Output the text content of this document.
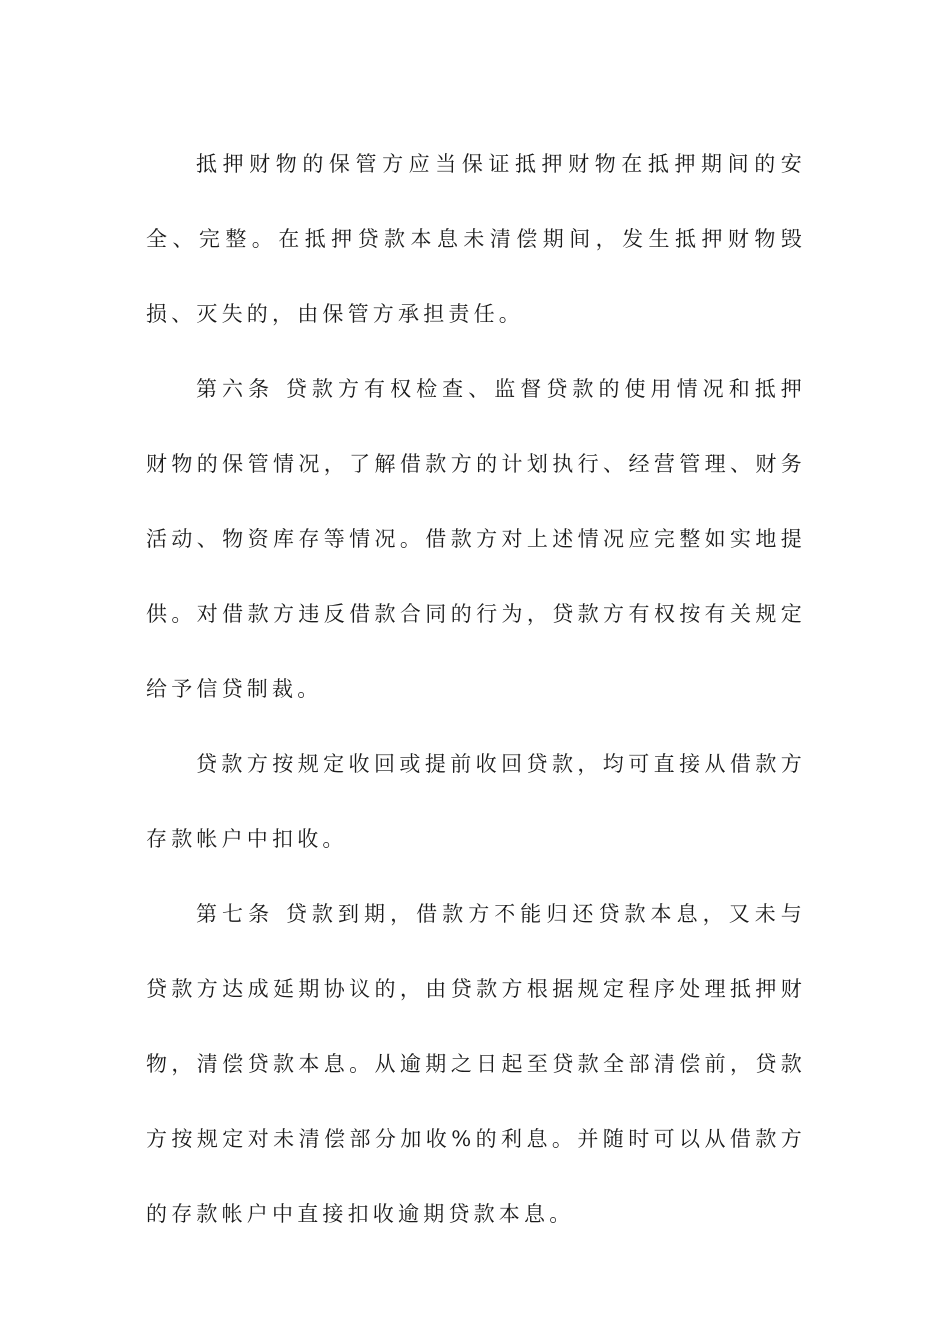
抵押财物的保管方应当保证抵押财物在抵押期间的安全、完整。在抵押贷款本息未清偿期间，发生抵押财物毁损、灭失的，由保管方承担责任。

第六条 贷款方有权检查、监督贷款的使用情况和抵押财物的保管情况，了解借款方的计划执行、经营管理、财务活动、物资库存等情况。借款方对上述情况应完整如实地提供。对借款方违反借款合同的行为，贷款方有权按有关规定给予信贷制裁。

贷款方按规定收回或提前收回贷款，均可直接从借款方存款帐户中扣收。

第七条 贷款到期，借款方不能归还贷款本息，又未与贷款方达成延期协议的，由贷款方根据规定程序处理抵押财物，清偿贷款本息。从逾期之日起至贷款全部清偿前，贷款方按规定对未清偿部分加收%的利息。并随时可以从借款方的存款帐户中直接扣收逾期贷款本息。
